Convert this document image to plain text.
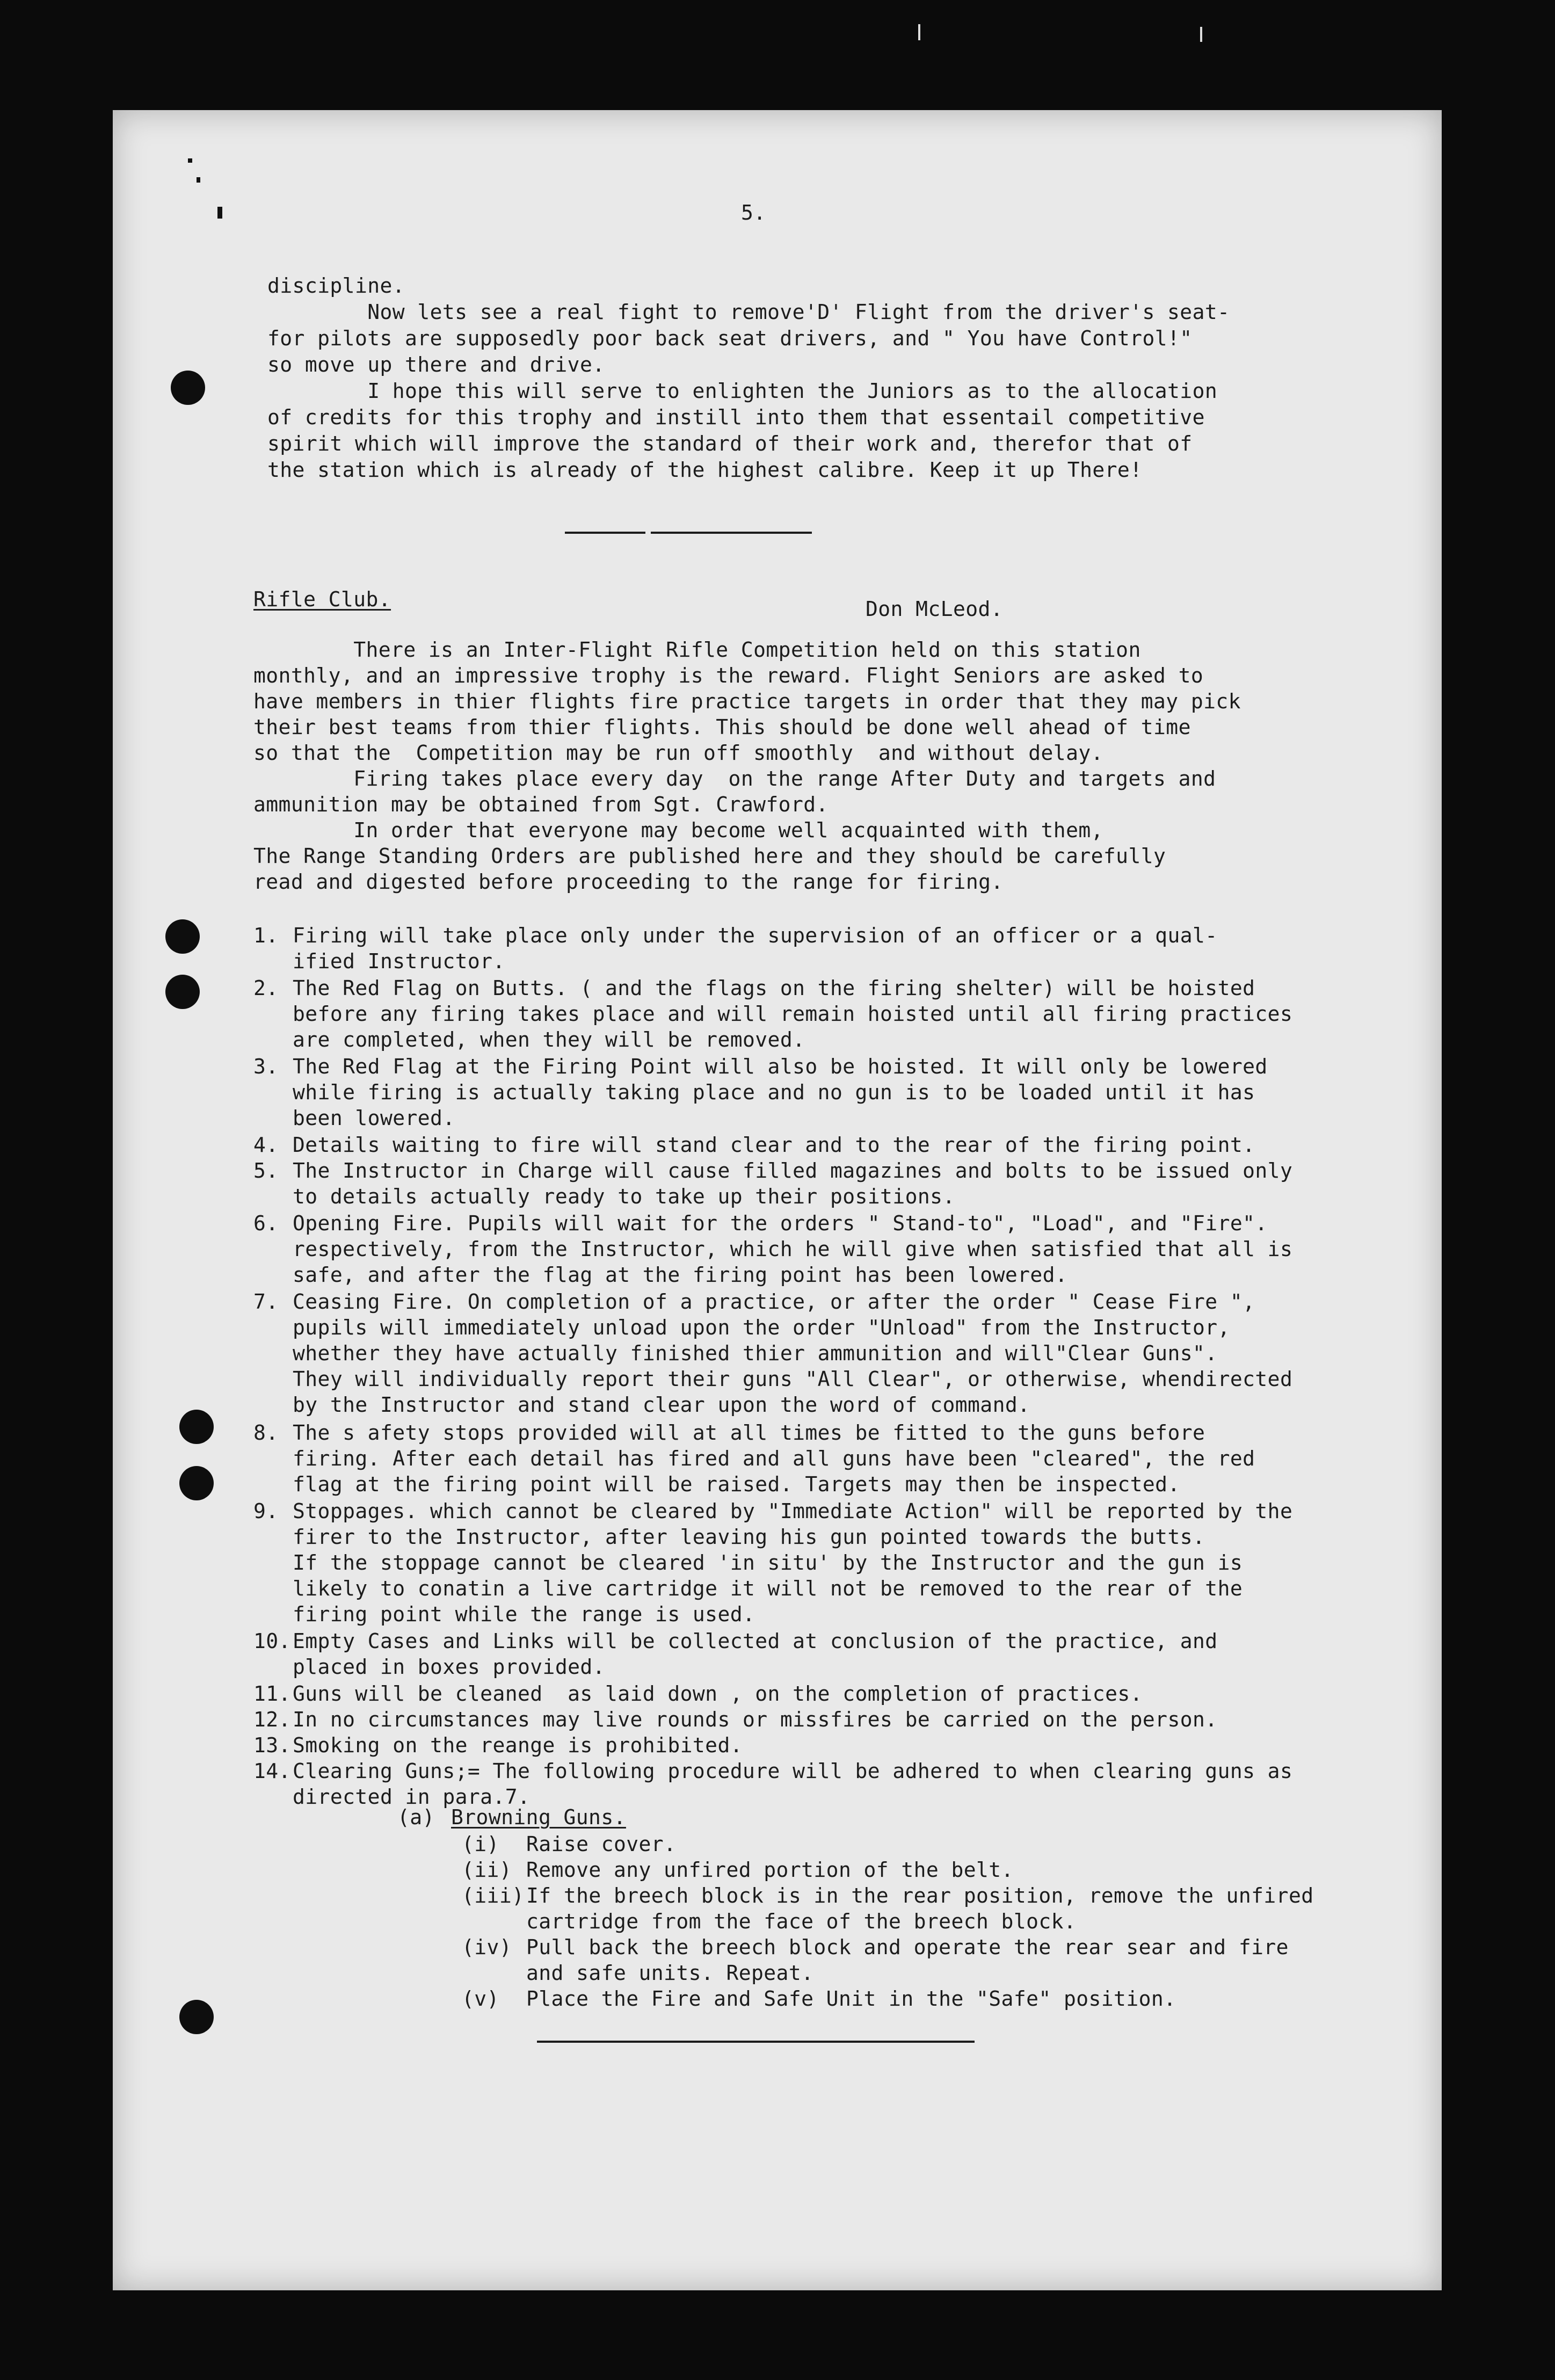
5.
discipline.
Now lets see a real fight to remove'D' Flight from the driver's seat-
for pilots are supposedly poor back seat drivers, and " You have Control!"
so move up there and drive.
I hope this will serve to enlighten the Juniors as to the allocation
of credits for this trophy and instill into them that essentail competitive
spirit which will improve the standard of their work and, therefor that of
the station which is already of the highest calibre. Keep it up There!
Rifle Club.	Don McLeod.
There is an Inter-Flight Rifle Competition held on this station
monthly, and an impressive trophy is the reward. Flight Seniors are asked to
have members in thier flights fire practice targets in order that they may pick
their best teams from thier flights. This should be done well ahead of time
so that the  Competition may be run off smoothly  and without delay.
Firing takes place every day  on the range After Duty and targets and
ammunition may be obtained from Sgt. Crawford.
In order that everyone may become well acquainted with them,
The Range Standing Orders are published here and they should be carefully
read and digested before proceeding to the range for firing.
1. Firing will take place only under the supervision of an officer or a qual-
ified Instructor.
2. The Red Flag on Butts. ( and the flags on the firing shelter) will be hoisted
before any firing takes place and will remain hoisted until all firing practices
are completed, when they will be removed.
3. The Red Flag at the Firing Point will also be hoisted. It will only be lowered
while firing is actually taking place and no gun is to be loaded until it has
been lowered.
4. Details waiting to fire will stand clear and to the rear of the firing point.
5. The Instructor in Charge will cause filled magazines and bolts to be issued only
to details actually ready to take up their positions.
6. Opening Fire. Pupils will wait for the orders " Stand-to", "Load", and "Fire".
respectively, from the Instructor, which he will give when satisfied that all is
safe, and after the flag at the firing point has been lowered.
7. Ceasing Fire. On completion of a practice, or after the order " Cease Fire ",
pupils will immediately unload upon the order "Unload" from the Instructor,
whether they have actually finished thier ammunition and will"Clear Guns".
They will individually report their guns "All Clear", or otherwise, whendirected
by the Instructor and stand clear upon the word of command.
8. The s afety stops provided will at all times be fitted to the guns before
firing. After each detail has fired and all guns have been "cleared", the red
flag at the firing point will be raised. Targets may then be inspected.
9. Stoppages. which cannot be cleared by "Immediate Action" will be reported by the
firer to the Instructor, after leaving his gun pointed towards the butts.
If the stoppage cannot be cleared 'in situ' by the Instructor and the gun is
likely to conatin a live cartridge it will not be removed to the rear of the
firing point while the range is used.
10. Empty Cases and Links will be collected at conclusion of the practice, and
placed in boxes provided.
11. Guns will be cleaned  as laid down , on the completion of practices.
12. In no circumstances may live rounds or missfires be carried on the person.
13. Smoking on the reange is prohibited.
14. Clearing Guns;= The following procedure will be adhered to when clearing guns as
directed in para.7.
(a) Browning Guns.
(i) Raise cover.
(ii) Remove any unfired portion of the belt.
(iii) If the breech block is in the rear position, remove the unfired
cartridge from the face of the breech block.
(iv) Pull back the breech block and operate the rear sear and fire
and safe units. Repeat.
(v) Place the Fire and Safe Unit in the "Safe" position.
